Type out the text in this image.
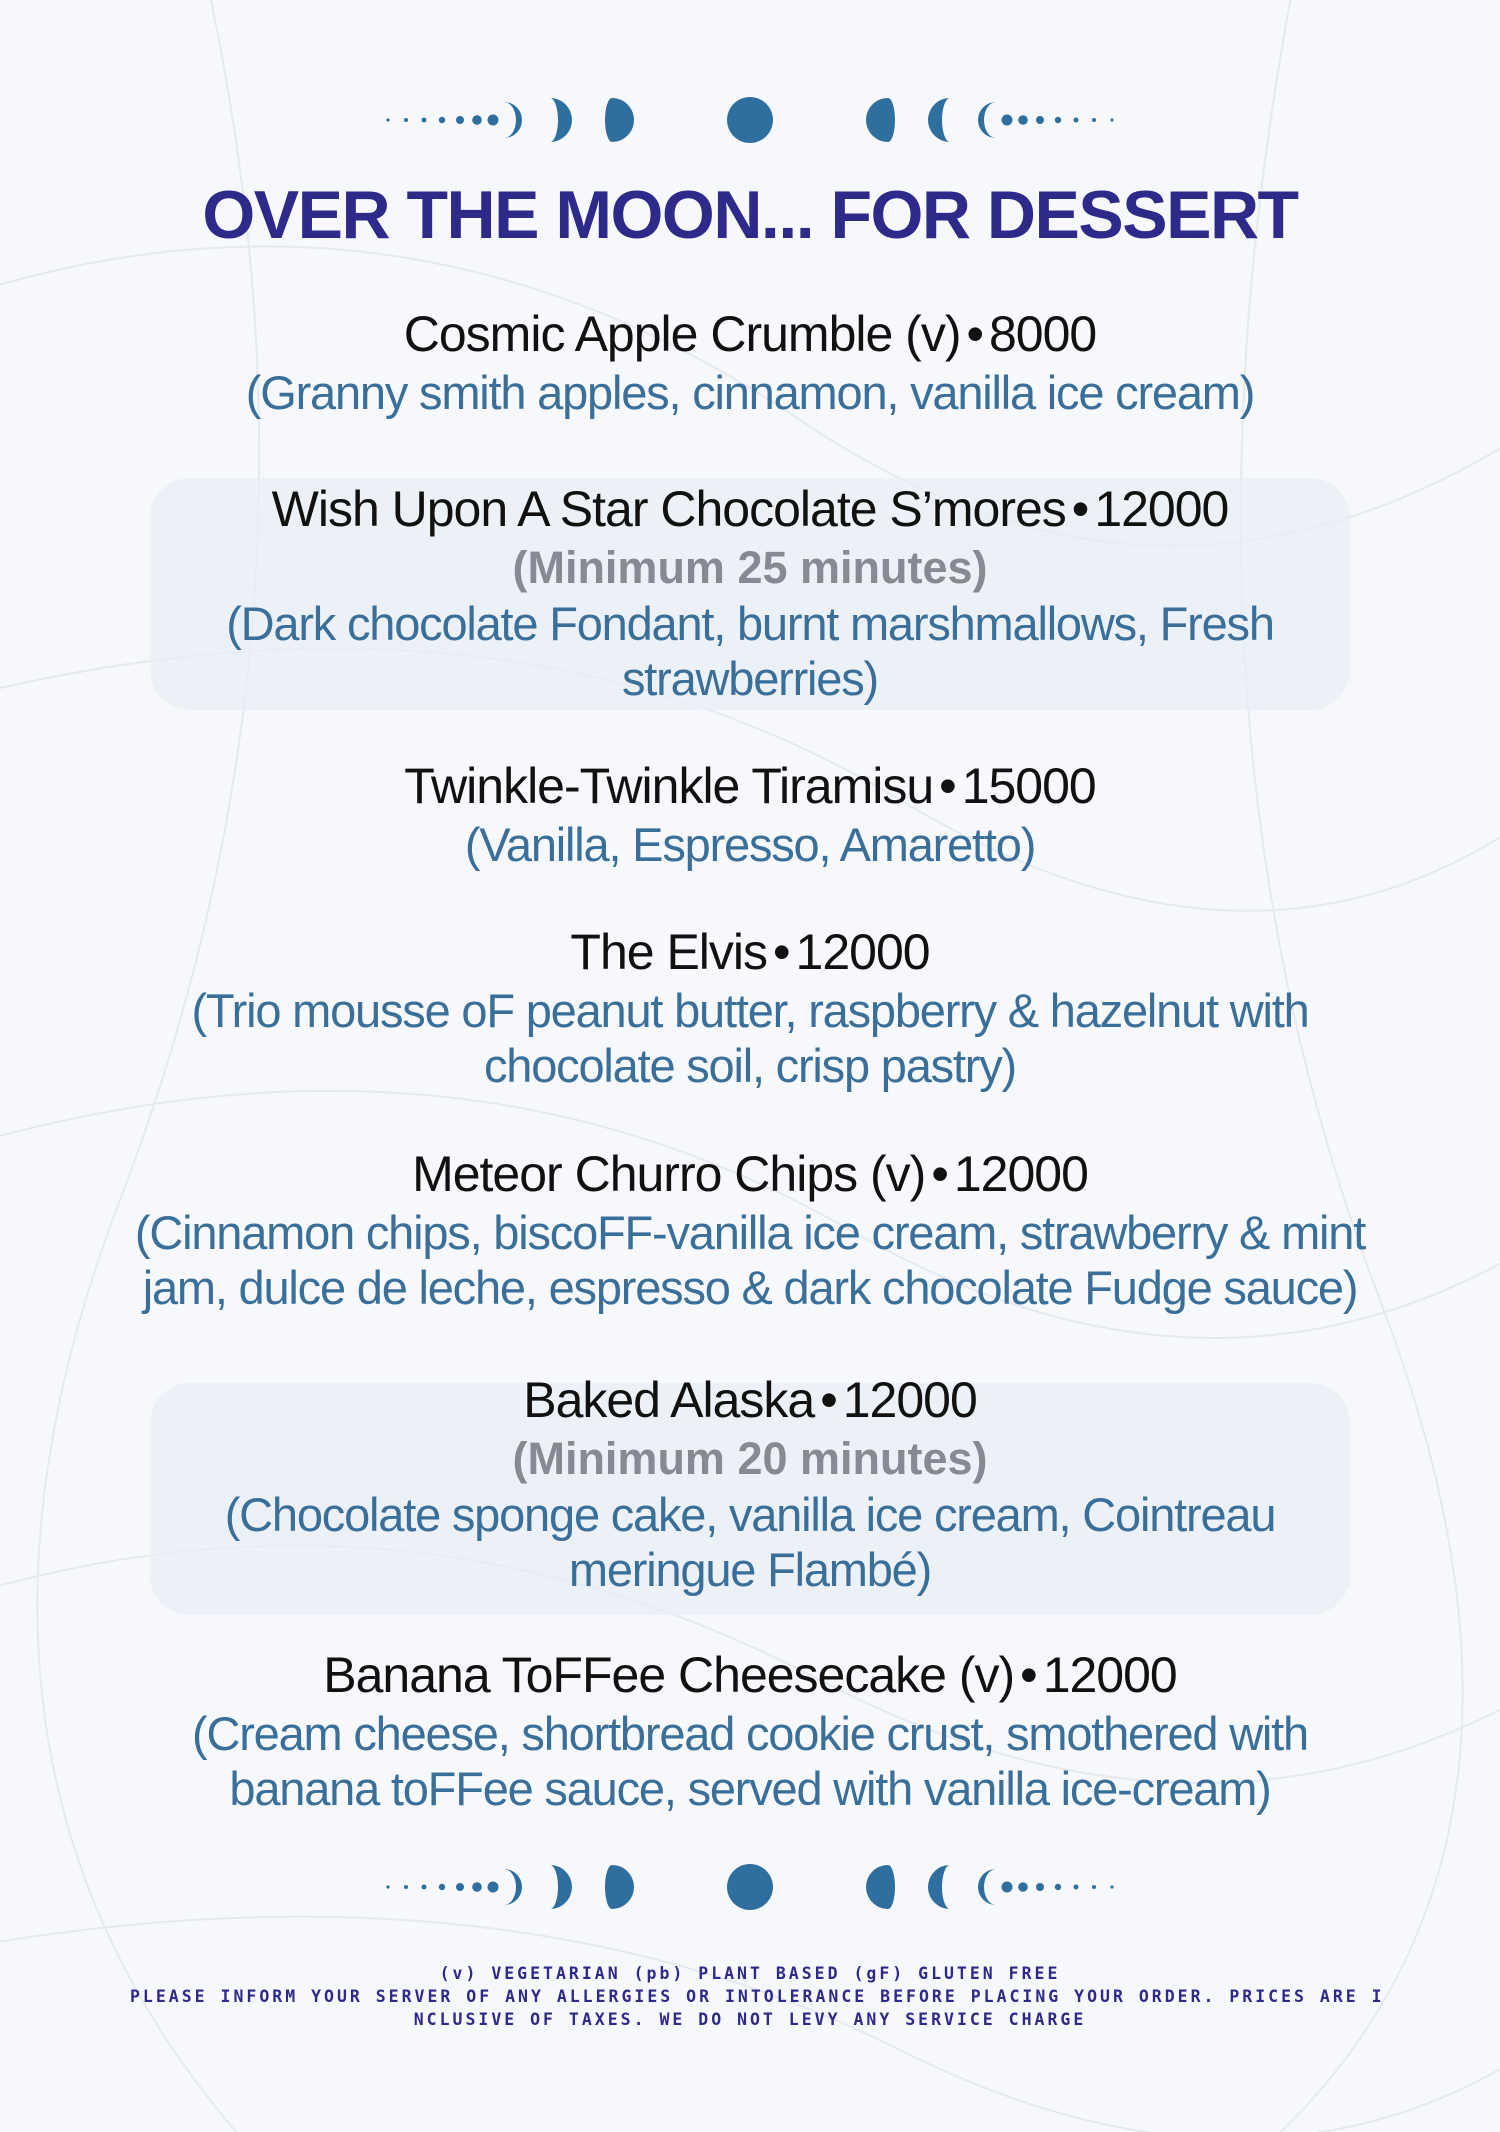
OVER THE MOON... FOR DESSERT
Cosmic Apple Crumble (v) • 8000
(Granny smith apples, cinnamon, vanilla ice cream)
Wish Upon A Star Chocolate S’mores • 12000
(Minimum 25 minutes)
(Dark chocolate Fondant, burnt marshmallows, Fresh
strawberries)
Twinkle-Twinkle Tiramisu • 15000
(Vanilla, Espresso, Amaretto)
The Elvis • 12000
(Trio mousse oF peanut butter, raspberry & hazelnut with
chocolate soil, crisp pastry)
Meteor Churro Chips (v) • 12000
(Cinnamon chips, biscoFF-vanilla ice cream, strawberry & mint
jam, dulce de leche, espresso & dark chocolate Fudge sauce)
Baked Alaska • 12000
(Minimum 20 minutes)
(Chocolate sponge cake, vanilla ice cream, Cointreau
meringue Flambé)
Banana ToFFee Cheesecake (v) • 12000
(Cream cheese, shortbread cookie crust, smothered with
banana toFFee sauce, served with vanilla ice-cream)
(v) VEGETARIAN (pb) PLANT BASED (gF) GLUTEN FREE
PLEASE INFORM YOUR SERVER OF ANY ALLERGIES OR INTOLERANCE BEFORE PLACING YOUR ORDER. PRICES ARE I
NCLUSIVE OF TAXES. WE DO NOT LEVY ANY SERVICE CHARGE
